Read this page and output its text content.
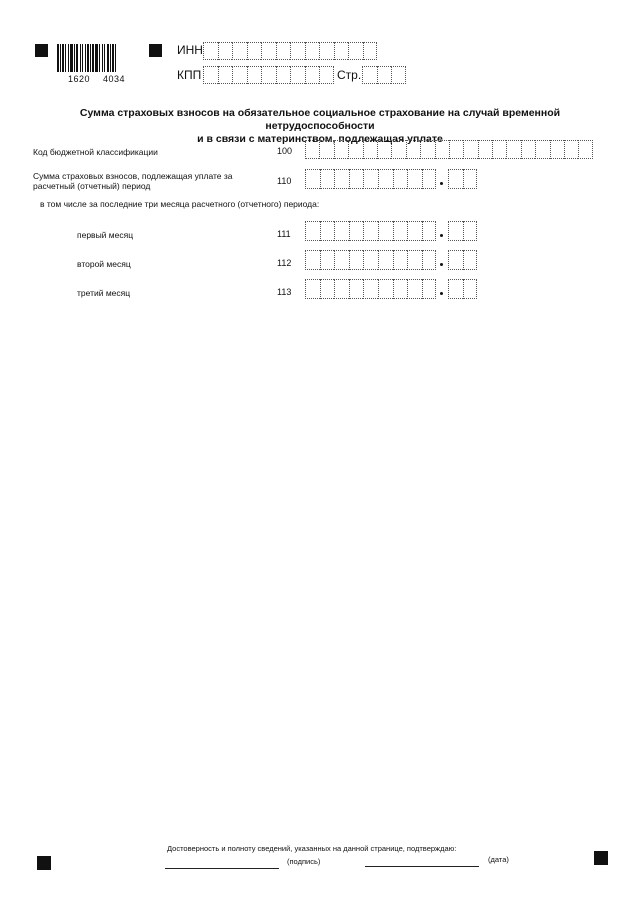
1620 4034
ИНН
КПП	Стр.
Сумма страховых взносов на обязательное социальное страхование на случай временной нетрудоспособности
и в связи с материнством, подлежащая уплате
Код бюджетной классификации	100
Сумма страховых взносов, подлежащая уплате за
расчетный (отчетный) период	110
в том числе за последние три месяца расчетного (отчетного) периода:
первый месяц	111
второй месяц	112
третий месяц	113
Достоверность и полноту сведений, указанных на данной странице, подтверждаю:
(подпись)	(дата)
